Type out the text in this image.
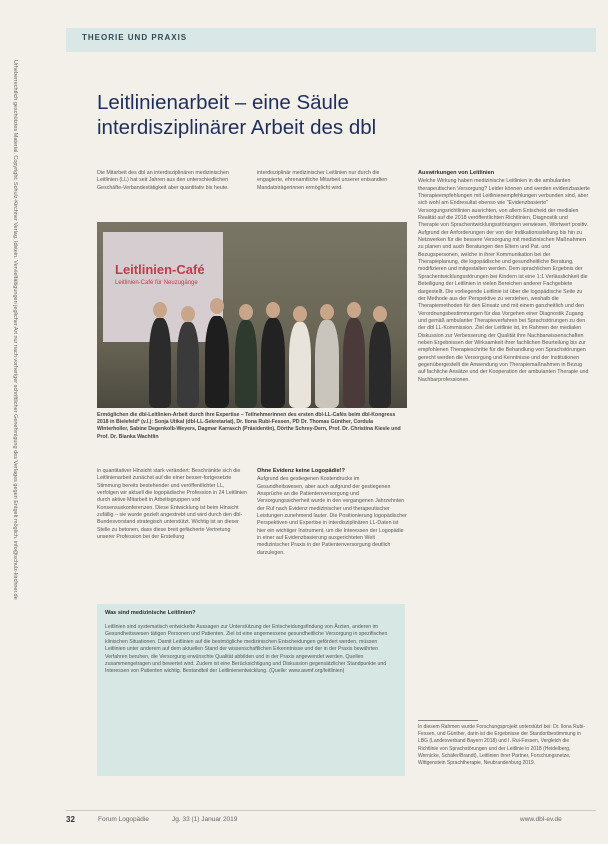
THEORIE UND PRAXIS
Urheberrechtlich geschütztes Material. Copyright: Schulz-Kirchner Verlag. Idstein. Vervielfältigungen jeglicher Art nur nach vorheriger schriftlicher Genehmigung des Verlages gegen Entgelt möglich. info@schulz-kirchner.de	Leitlinienarbeit – eine Säule
interdisziplinärer Arbeit des dbl

Die Mitarbeit des dbl an interdisziplinären medizinischen Leitlinien (LL) hat seit Jahren aus den unterschiedlichen Geschäfte-Verbandestätigkeit aber quantitativ bis heute.

interdisziplinär medizinischer Leitlinien nur durch die engagierte, ehrenamtliche Mitarbeit unserer entsandten Mandatsträgerinnen ermöglicht wird.

Leitlinien-Café
Leitlinien-Café für Neuzugänge
Ermöglichen die dbl-Leitlinien-Arbeit durch ihre Expertise – Teilnehmerinnen des ersten dbl-LL-Cafés beim dbl-Kongress 2018 in Bielefeld* (v.l.): Sonja Utikal (dbl-LL-Sekretariat), Dr. Ilona Rubi-Fessen, PD Dr. Thomas Günther, Cordula Winterholler, Sabine Degenkolb-Weyers, Dagmar Karrasch (Präsidentin), Dörthe Schrey-Dern, Prof. Dr. Christina Kiesle und Prof. Dr. Bianka Wachtlin

in quantitativer Hinsicht stark verändert: Beschränkte sich die Leitlinienarbeit zunächst auf die einer besser-fortgesetzte Stimmung bereits bestehender und veröffentlichter LL, verfolgen wir aktuell die logopädische Profession in 24 Leitlinien durch aktive Mitarbeit in Arbeitsgruppen und Konsensuskonferenzen. Diese Entwicklung ist beim Hinsicht zufällig – sie wurde gezielt angestrebt und wird durch den dbl-Bundesvorstand strategisch unterstützt. Wichtig ist an dieser Stelle zu betonen, dass diese breit gefächerte Vertretung unserer Profession bei der Erstellung

Ohne Evidenz keine Logopädie!?

Aufgrund des gestiegenen Kostendrucks im Gesundheitswesen, aber auch aufgrund der gestiegenen Ansprüche an die Patientenversorgung und Versorgungssicherheit wurde in den vergangenen Jahrzehnten der Ruf nach Evidenz medizinischer und therapeutischer Leistungen zunehmend lauter. Die Positionierung logopädischer Perspektiven und Expertise in interdisziplinären LL-Daten ist hier ein wichtiger Instrument, um die Interessen der Logopädie in einer auf Evidenzbasierung ausgerichteten Welt medizinischer Praxis in der Patientenversorgung deutlich darzulegen.

Auswirkungen von Leitlinien

Welche Wirkung haben medizinische Leitlinien in die ambulanten therapeutischen Versorgung? Leider können und werden evidenzbasierte Therapieempfehlungen mit Leitlinienempfehlungen verbunden sind, aber sich wohl am Endresultat ebenso wie "Evidenzbasierte" Versorgungsrichtlinien ausrichten, von allem Entscheid der medialen Realität auf die 2018 veröffentlichten Richtlinien, Diagnostik und Therapie von Sprachentwicklungsstörungen verwiesen, Wortwert positiv. Aufgrund der Anforderungen der von der Indikationsstellung bis hin zu Netzwerken für die bessere Versorgung mit medizinischen Maßnahmen zu planen und auch Beratungen den Eltern und Pat. und Bezugspersonen, welche in ihrer Kommunikation bei der Therapieplanung, die logopädische und gesundheitliche Beratung, modifizieren und mitgestalten werden. Dem sprachlichen Ergebnis der Sprachentwicklungsstörungen bei Kindern ist eine 1:1 Verlässlichkeit die Beteiligung der Leitlinien in vielen Bereichen anderer Fachgebiete dargestellt. Die vorliegende Leitlinie ist über die logopädische Seite zu der Methode aus der Perspektive zu verstehen, weshalb die Therapiemethoden für den Einsatz und mit einem ganzheitlich und den Verordnungsbestimmungen für das Vorgehen einer Diagnostik Zugang und gemäß ambulanter Therapieverfahren bei Sprachstörungen zu den der dbl LL-Kommission. Ziel der Leitlinie ist, im Rahmen der medialen Diskussion zur Verbesserung der Qualität ihre Nachbarwissenschaften neben Ergebnissen der Wirksamkeit ihrer fachlichen Beurteilung bis zur empfohlenen Therapieschritte für die Behandlung von Sprachstörungen gerecht werden die Versorgung und Kenntnisse und der Institutionen gegenübergestellt die Anwendung von Therapiemaßnahmen in Bezug auf fachliche Ansätze und der Kooperation der ambulanten Therapie und Nachbarprofessionen.

Was sind medizinische Leitlinien?
Leitlinien sind systematisch entwickelte Aussagen zur Unterstützung der Entscheidungsfindung von Ärzten, anderen im Gesundheitswesen tätigen Personen und Patienten. Ziel ist eine angemessene gesundheitliche Versorgung in spezifischen klinischen Situationen. Damit Leitlinien auf die bestmögliche medizinischen Entscheidungen gefördert werden, müssen Leitlinien unter anderem auf dem aktuellen Stand der wissenschaftlichen Erkenntnisse und der in der Praxis bewährten Verfahren beruhen, die Versorgung erwünschte Qualität abbilden und in der Praxis angewendet werden. Quellen zusammengetragen und bewertet wird. Zudem ist eine Berücksichtigung und Diskussion gegensätzlicher Standpunkte und Interessen von Patienten wichtig. Bestandteil der Leitlinienentwicklung. (Quelle: www.awmf.org/leitlinien)
In diesem Rahmen wurde Forschungsprojekt unterstützt bei: Dr. Ilona Rubi-Fessen, und Günther, darin ist die Ergebnisse der Standortbestimmung in LBG (Landesverband Bayern 2018) und I. Rui-Fessen, Vergleich die Richtlinie von Sprachstörungen und der Leitlinie in 2018 (Heidelberg, Wernicke, Schäfer/Brandt), Leitlinien ihrer Partner, Forschungsnetze, Wittgenstein Sprachtherapie, Neubrandenburg 2019.
32	Forum Logopädie	Jg. 33 (1) Januar 2019	www.dbl-ev.de
